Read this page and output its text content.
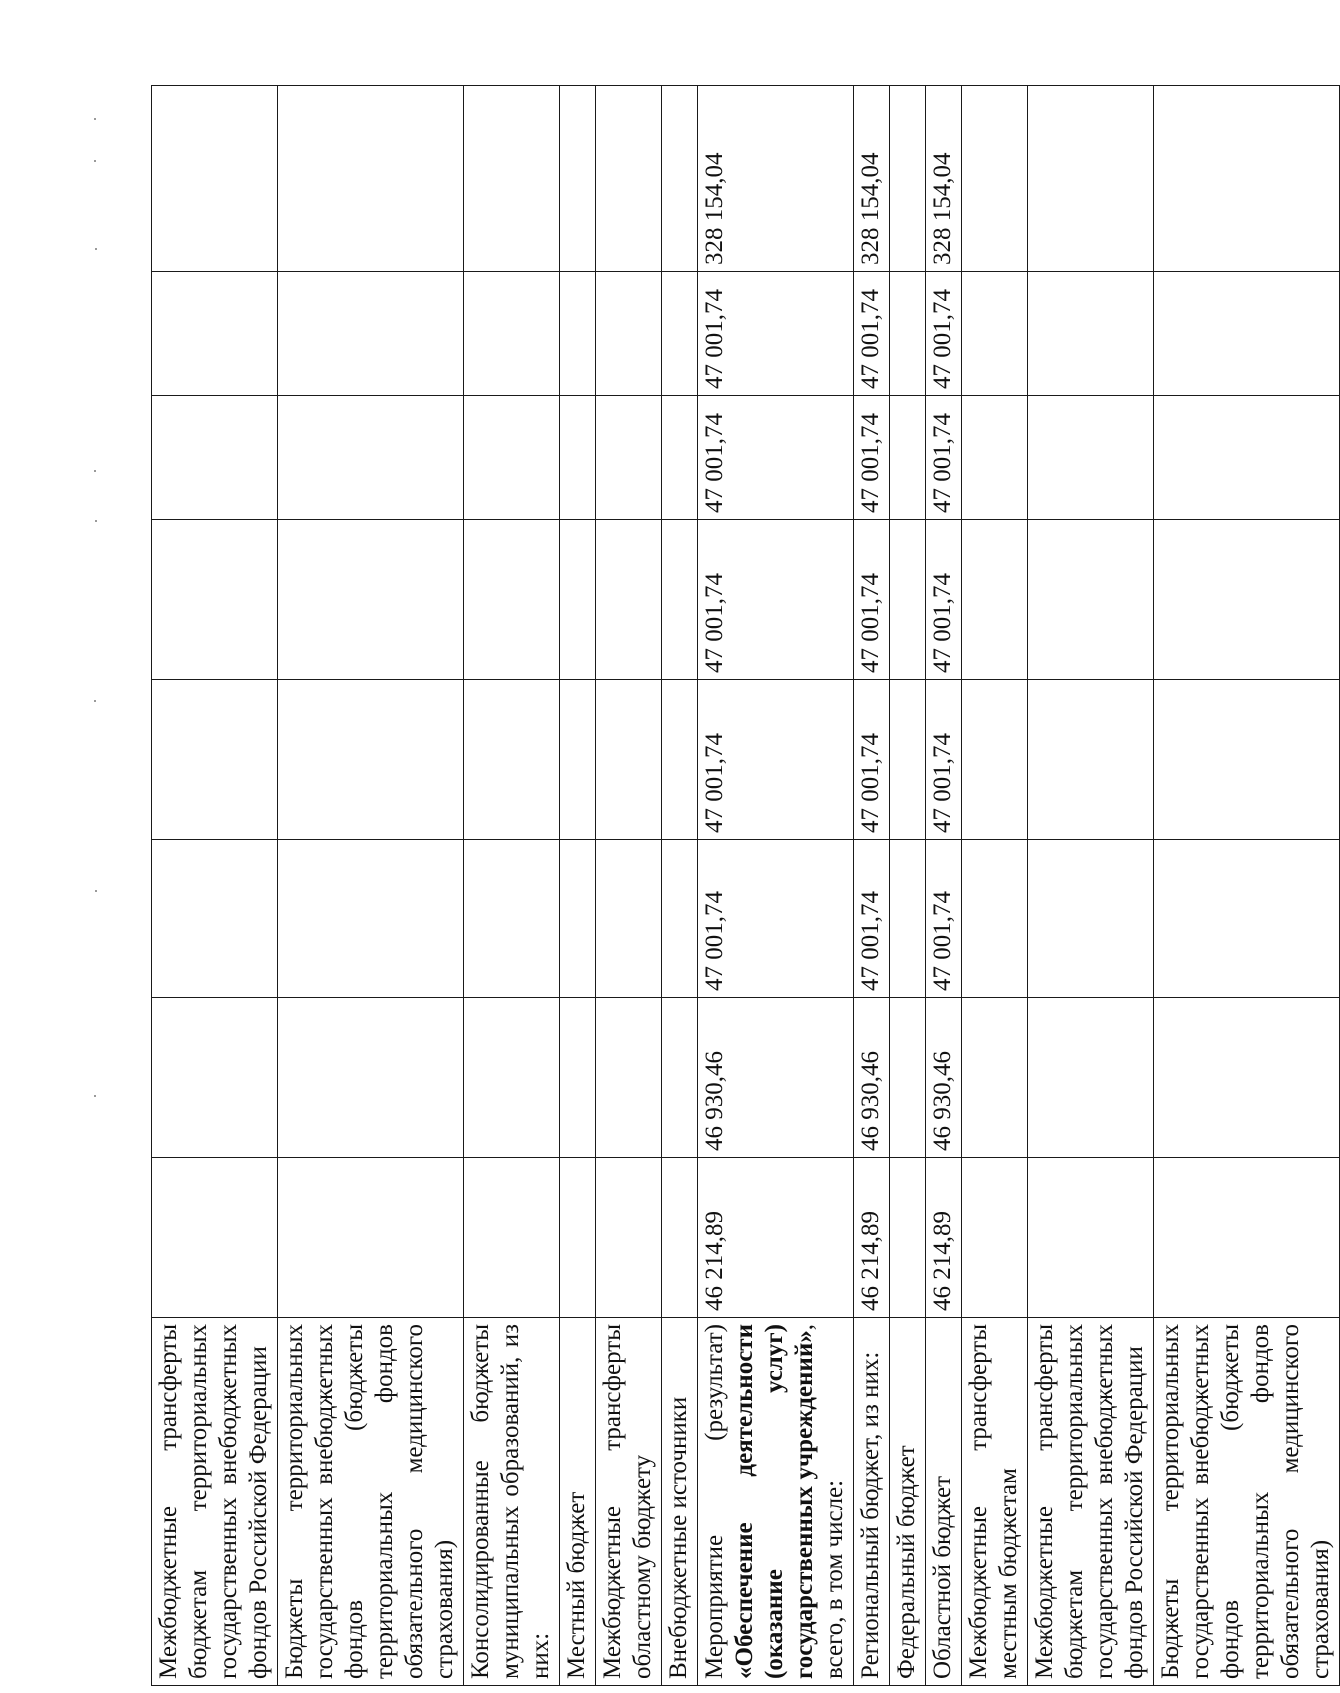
Межбюджетные трансферты бюджетам территориальных государственных внебюджетных фондов Российской Федерации								
Бюджеты территориальных государственных внебюджетных фондов (бюджеты территориальных фондов обязательного медицинского страхования)								
Консолидированные бюджеты муниципальных образований, из них:								
Местный бюджет								
Межбюджетные трансферты областному бюджету								
Внебюджетные источники								
Мероприятие (результат) «Обеспечение деятельности (оказание услуг) государственных учреждений», всего, в том числе:	46 214,89	46 930,46	47 001,74	47 001,74	47 001,74	47 001,74	47 001,74	328 154,04
Региональный бюджет, из них:	46 214,89	46 930,46	47 001,74	47 001,74	47 001,74	47 001,74	47 001,74	328 154,04
Федеральный бюджет								
Областной бюджет	46 214,89	46 930,46	47 001,74	47 001,74	47 001,74	47 001,74	47 001,74	328 154,04
Межбюджетные трансферты местным бюджетам								
Межбюджетные трансферты бюджетам территориальных государственных внебюджетных фондов Российской Федерации								
Бюджеты территориальных государственных внебюджетных фондов (бюджеты территориальных фондов обязательного медицинского страхования)								
